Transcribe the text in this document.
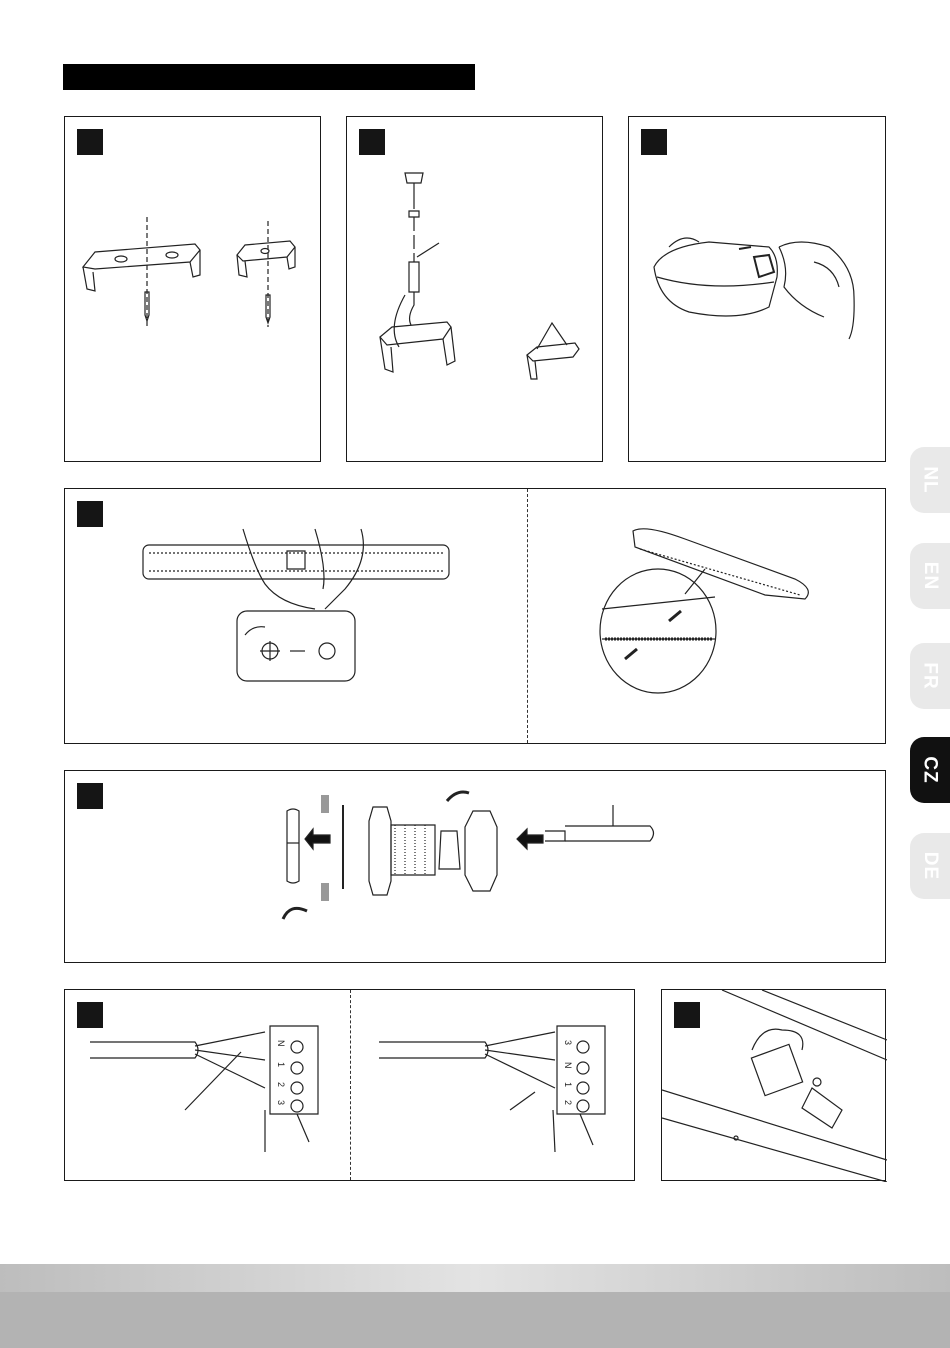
N
1
2
3
3
N
1
2
NL
EN
FR
CZ
DE
